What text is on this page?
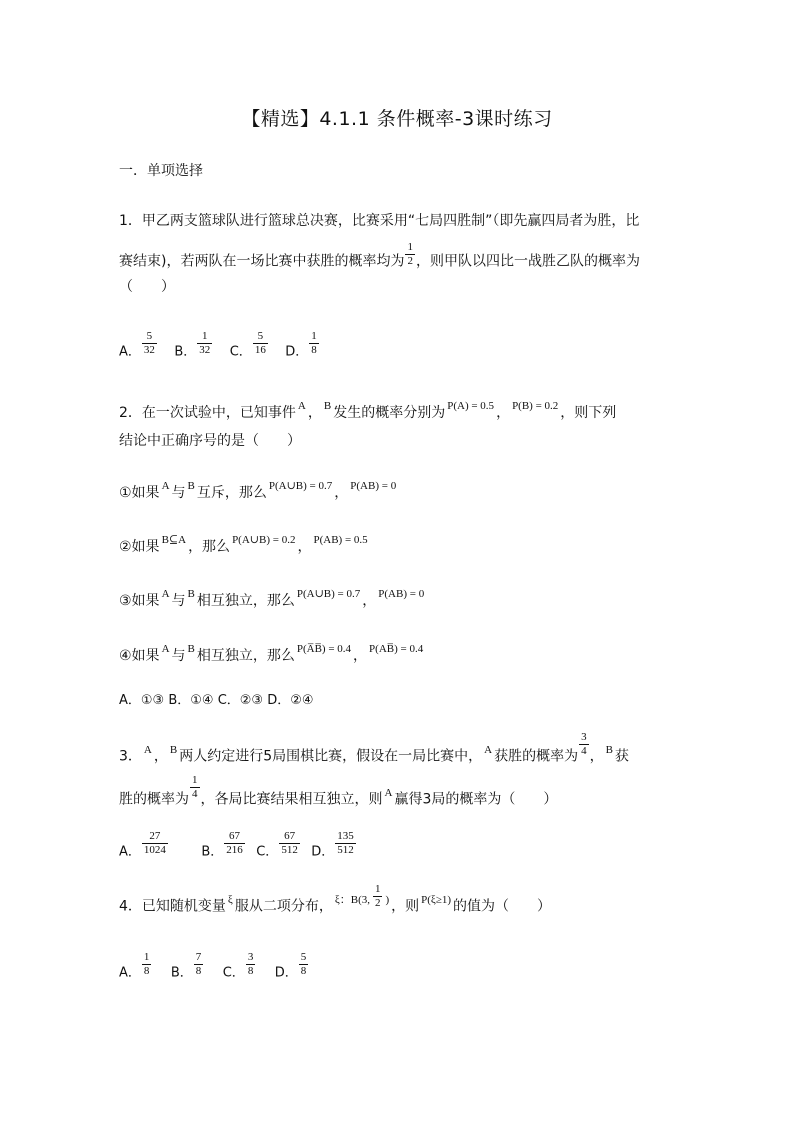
【精选】4.1.1 条件概率-3课时练习
一．单项选择
1．甲乙两支篮球队进行篮球总决赛，比赛采用“七局四胜制”（即先赢四局者为胜，比
赛结束)，若两队在一场比赛中获胜的概率均为 $\frac{1}{2}$ ，则甲队以四比一战胜乙队的概率为
（　　）
A． $\frac{5}{32}$ B． $\frac{1}{32}$ C． $\frac{5}{16}$ D． $\frac{1}{8}$
2．在一次试验中，已知事件 $^A$ ， $^B$ 发生的概率分别为 $^{P(A) = 0.5}$ ， $^{P(B) = 0.2}$ ，则下列
结论中正确序号的是（　　）
①如果 $^A$ 与 $^B$ 互斥，那么 $^{P(A\cup B) = 0.7}$ ， $^{P(AB) = 0}$
②如果 $^{B⊆A}$ ，那么 $^{P(A\cup B) = 0.2}$ ， $^{P(AB) = 0.5}$
③如果 $^A$ 与 $^B$ 相互独立，那么 $^{P(A\cup B) = 0.7}$ ， $^{P(AB) = 0}$
④如果 $^A$ 与 $^B$ 相互独立，那么 $^{P(A̅B̅) = 0.4}$ ， $^{P(AB̅) = 0.4}$
A．①③ B．①④ C．②③ D．②④
3． $^A$ ， $^B$ 两人约定进行5局围棋比赛，假设在一局比赛中， $^A$ 获胜的概率为 $\frac{3}{4}$ ， $^B$ 获
胜的概率为 $\frac{1}{4}$ ，各局比赛结果相互独立，则 $^A$ 赢得3局的概率为（　　）
A． $\frac{27}{1024}$	B． $\frac{67}{216}$ C． $\frac{67}{512}$ D． $\frac{135}{512}$
4．已知随机变量 $^\xi$ 服从二项分布， $^{\xi:B(3,} \frac{1}{2} ^)$ ，则 $^{P(\xi\ge 1)}$ 的值为（　　）
A． $\frac{1}{8}$ B． $\frac{7}{8}$ C． $\frac{3}{8}$ D． $\frac{5}{8}$
